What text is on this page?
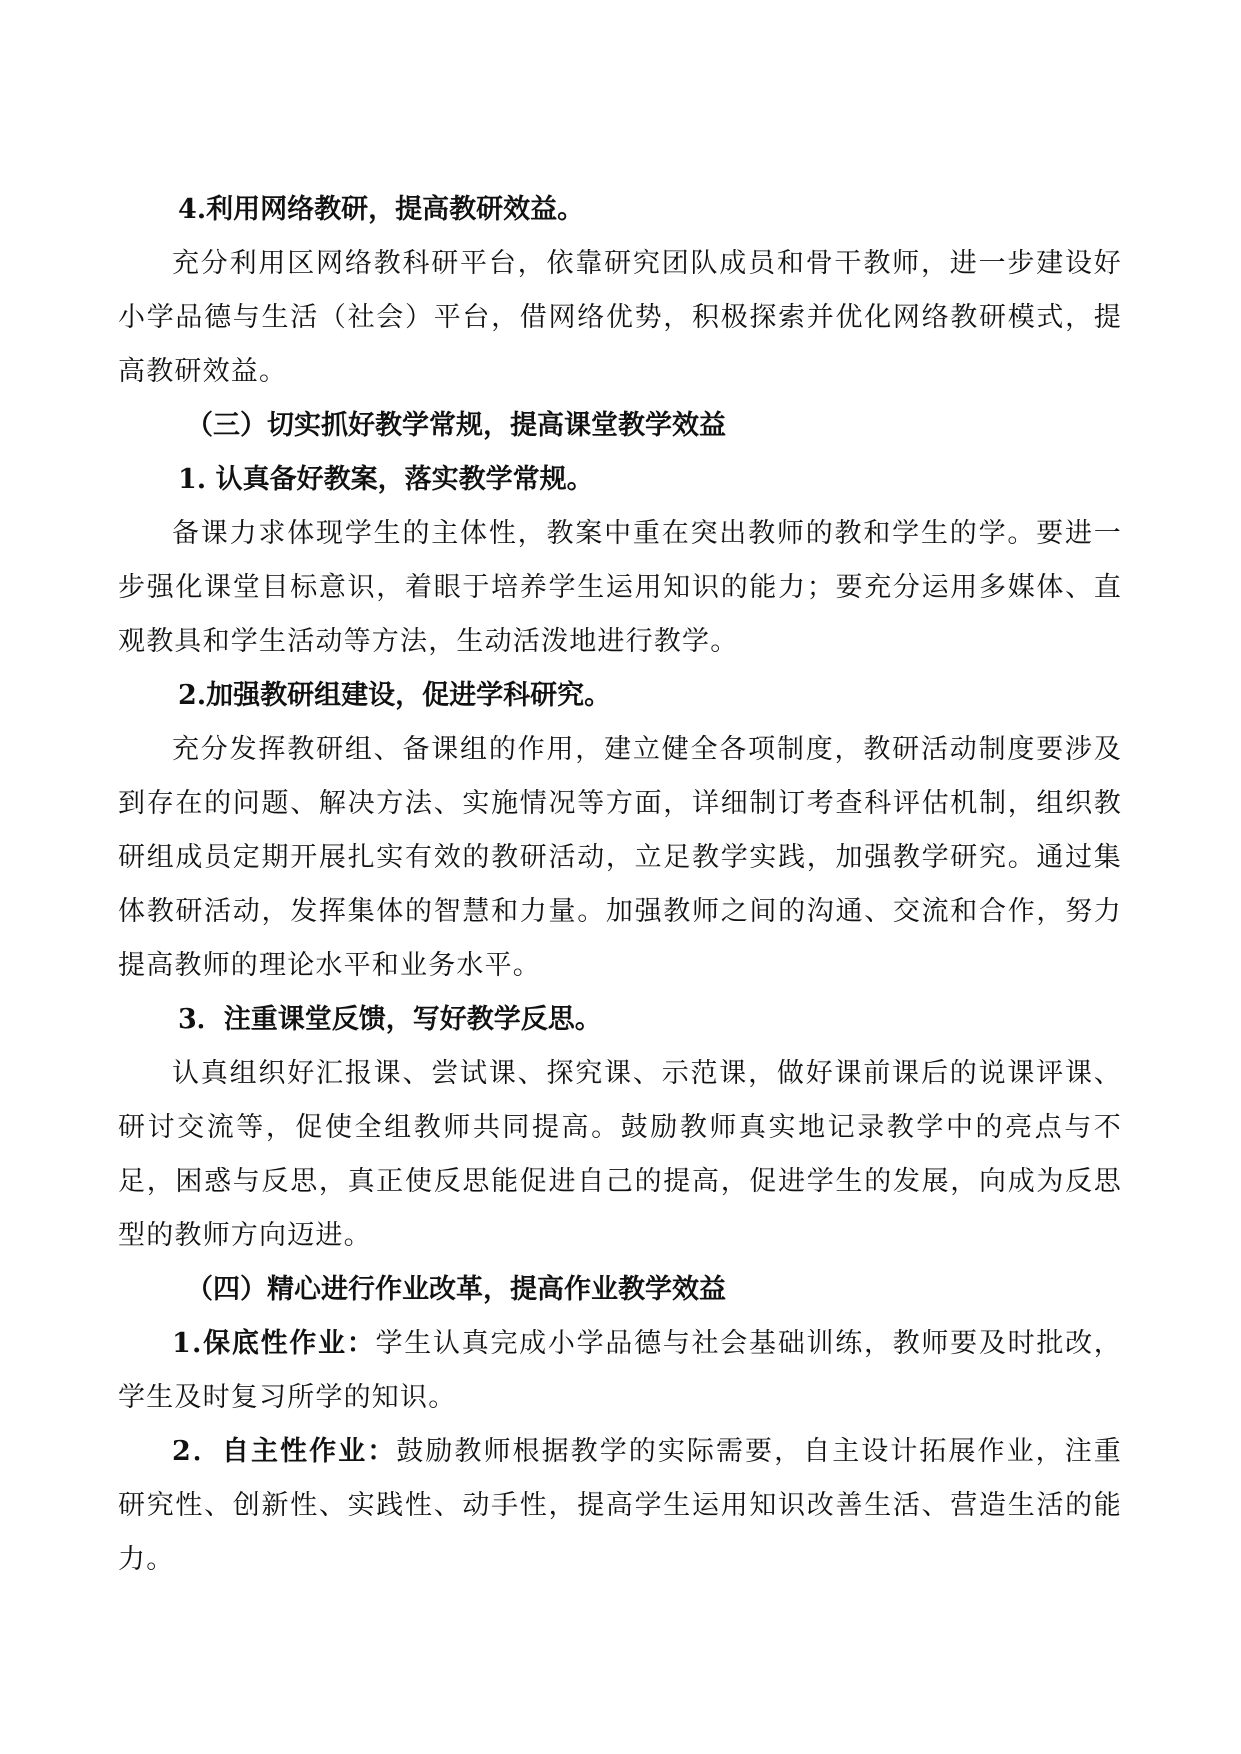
4.利用网络教研，提高教研效益。

充分利用区网络教科研平台，依靠研究团队成员和骨干教师，进一步建设好小学品德与生活（社会）平台，借网络优势，积极探索并优化网络教研模式，提高教研效益。

（三）切实抓好教学常规，提高课堂教学效益
1. 认真备好教案，落实教学常规。

备课力求体现学生的主体性，教案中重在突出教师的教和学生的学。要进一步强化课堂目标意识，着眼于培养学生运用知识的能力；要充分运用多媒体、直观教具和学生活动等方法，生动活泼地进行教学。

2.加强教研组建设，促进学科研究。

充分发挥教研组、备课组的作用，建立健全各项制度，教研活动制度要涉及到存在的问题、解决方法、实施情况等方面，详细制订考查科评估机制，组织教研组成员定期开展扎实有效的教研活动，立足教学实践，加强教学研究。通过集体教研活动，发挥集体的智慧和力量。加强教师之间的沟通、交流和合作，努力提高教师的理论水平和业务水平。

3．注重课堂反馈，写好教学反思。

认真组织好汇报课、尝试课、探究课、示范课，做好课前课后的说课评课、研讨交流等，促使全组教师共同提高。鼓励教师真实地记录教学中的亮点与不足，困惑与反思，真正使反思能促进自己的提高，促进学生的发展，向成为反思型的教师方向迈进。

（四）精心进行作业改革，提高作业教学效益

1.保底性作业：学生认真完成小学品德与社会基础训练，教师要及时批改，学生及时复习所学的知识。

2．自主性作业：鼓励教师根据教学的实际需要，自主设计拓展作业，注重研究性、创新性、实践性、动手性，提高学生运用知识改善生活、营造生活的能力。
